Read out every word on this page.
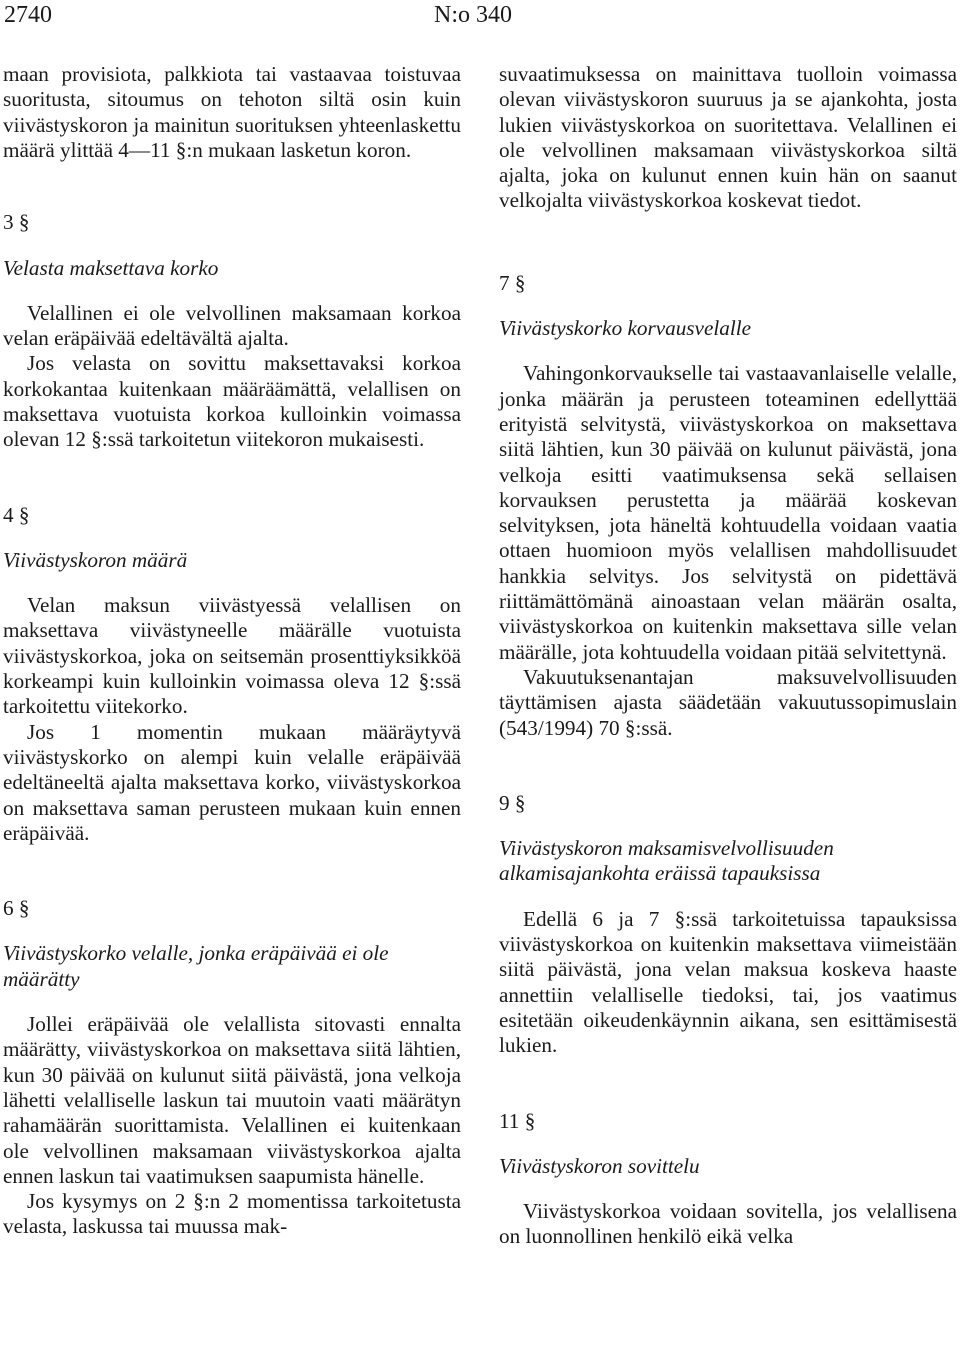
2740	N:o 340

maan provisiota, palkkiota tai vastaavaa toistuvaa suoritusta, sitoumus on tehoton siltä osin kuin viivästyskoron ja mainitun suorituksen yhteenlaskettu määrä ylittää 4—11 §:n mukaan lasketun koron.

3 §

Velasta maksettava korko

Velallinen ei ole velvollinen maksamaan korkoa velan eräpäivää edeltävältä ajalta.

Jos velasta on sovittu maksettavaksi korkoa korkokantaa kuitenkaan määräämättä, velallisen on maksettava vuotuista korkoa kulloinkin voimassa olevan 12 §:ssä tarkoitetun viitekoron mukaisesti.

4 §

Viivästyskoron määrä

Velan maksun viivästyessä velallisen on maksettava viivästyneelle määrälle vuotuista viivästyskorkoa, joka on seitsemän prosenttiyksikköä korkeampi kuin kulloinkin voimassa oleva 12 §:ssä tarkoitettu viitekorko.

Jos 1 momentin mukaan määräytyvä viivästyskorko on alempi kuin velalle eräpäivää edeltäneeltä ajalta maksettava korko, viivästyskorkoa on maksettava saman perusteen mukaan kuin ennen eräpäivää.

6 §

Viivästyskorko velalle, jonka eräpäivää ei ole
määrätty

Jollei eräpäivää ole velallista sitovasti ennalta määrätty, viivästyskorkoa on maksettava siitä lähtien, kun 30 päivää on kulunut siitä päivästä, jona velkoja lähetti velalliselle laskun tai muutoin vaati määrätyn rahamäärän suorittamista. Velallinen ei kuitenkaan ole velvollinen maksamaan viivästyskorkoa ajalta ennen laskun tai vaatimuksen saapumista hänelle.

Jos kysymys on 2 §:n 2 momentissa tarkoitetusta velasta, laskussa tai muussa mak-

suvaatimuksessa on mainittava tuolloin voimassa olevan viivästyskoron suuruus ja se ajankohta, josta lukien viivästyskorkoa on suoritettava. Velallinen ei ole velvollinen maksamaan viivästyskorkoa siltä ajalta, joka on kulunut ennen kuin hän on saanut velkojalta viivästyskorkoa koskevat tiedot.

7 §

Viivästyskorko korvausvelalle

Vahingonkorvaukselle tai vastaavanlaiselle velalle, jonka määrän ja perusteen toteaminen edellyttää erityistä selvitystä, viivästyskorkoa on maksettava siitä lähtien, kun 30 päivää on kulunut päivästä, jona velkoja esitti vaatimuksensa sekä sellaisen korvauksen perustetta ja määrää koskevan selvityksen, jota häneltä kohtuudella voidaan vaatia ottaen huomioon myös velallisen mahdollisuudet hankkia selvitys. Jos selvitystä on pidettävä riittämättömänä ainoastaan velan määrän osalta, viivästyskorkoa on kuitenkin maksettava sille velan määrälle, jota kohtuudella voidaan pitää selvitettynä.

Vakuutuksenantajan maksuvelvollisuuden täyttämisen ajasta säädetään vakuutussopimuslain (543/1994) 70 §:ssä.

9 §

Viivästyskoron maksamisvelvollisuuden
alkamisajankohta eräissä tapauksissa

Edellä 6 ja 7 §:ssä tarkoitetuissa tapauksissa viivästyskorkoa on kuitenkin maksettava viimeistään siitä päivästä, jona velan maksua koskeva haaste annettiin velalliselle tiedoksi, tai, jos vaatimus esitetään oikeudenkäynnin aikana, sen esittämisestä lukien.

11 §

Viivästyskoron sovittelu

Viivästyskorkoa voidaan sovitella, jos velallisena on luonnollinen henkilö eikä velka
